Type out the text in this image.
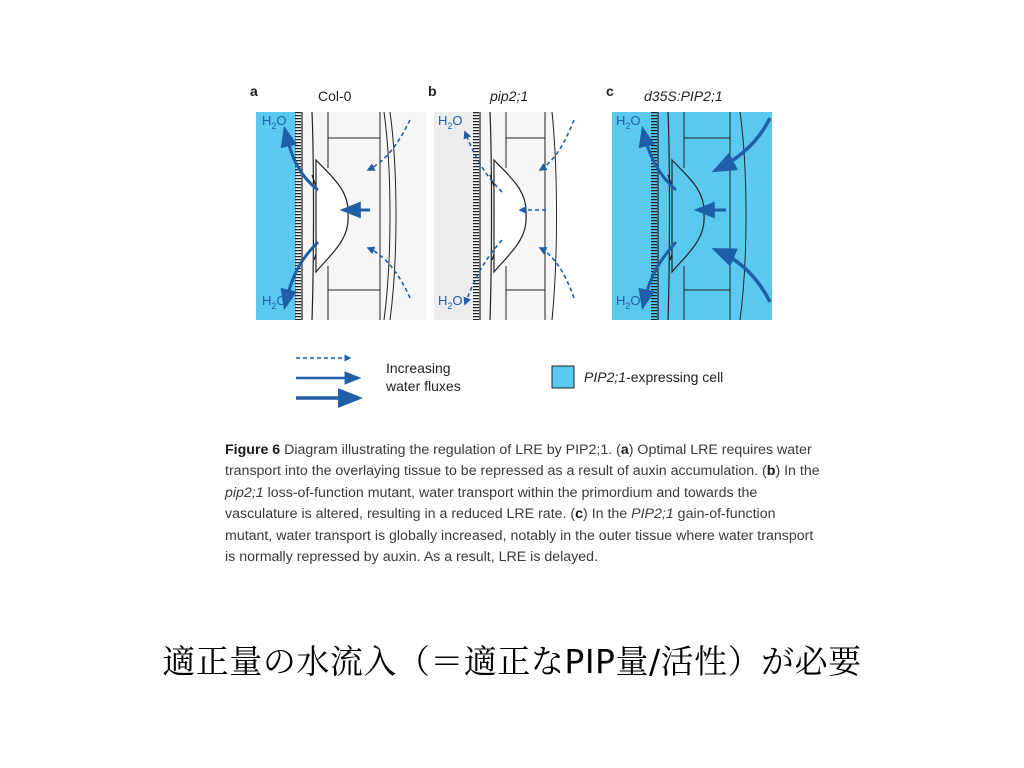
a	Col-0
$H_2O$
$H_2O$
b	pip2;1
$H_2O$
$H_2O$
c d35S:PIP2;1
$H_2O$
$H_2O$
Increasing
water fluxes
PIP2;1-expressing cell
Figure 6 Diagram illustrating the regulation of LRE by PIP2;1. (a) Optimal LRE requires water transport into the overlaying tissue to be repressed as a result of auxin accumulation. (b) In the pip2;1 loss-of-function mutant, water transport within the primordium and towards the vasculature is altered, resulting in a reduced LRE rate. (c) In the PIP2;1 gain-of-function mutant, water transport is globally increased, notably in the outer tissue where water transport is normally repressed by auxin. As a result, LRE is delayed.
適正量の水流入（＝適正なPIP量/活性）が必要
